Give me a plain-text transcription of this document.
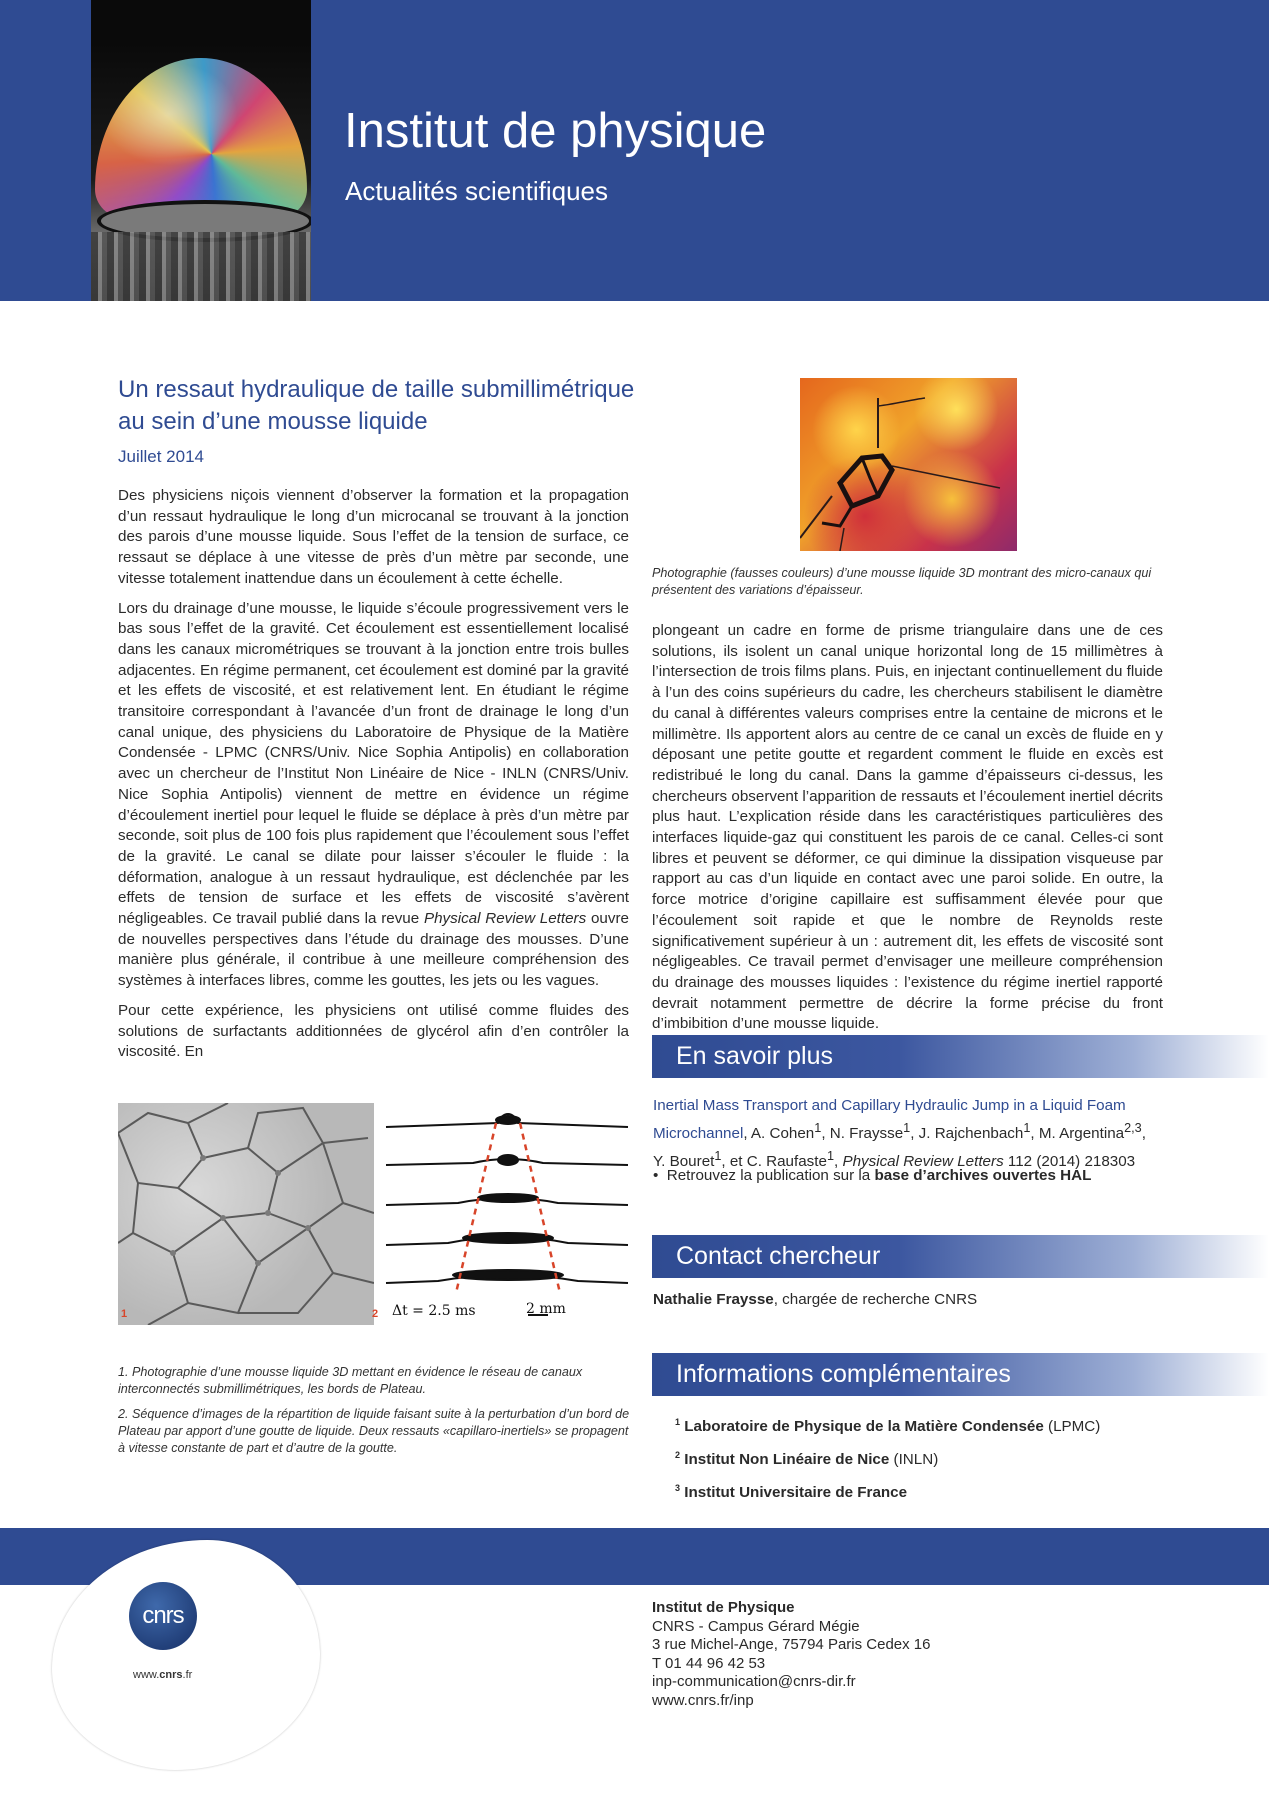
Institut de physique
Actualités scientifiques
Un ressaut hydraulique de taille submillimétrique au sein d’une mousse liquide
Juillet 2014

Des physiciens niçois viennent d’observer la formation et la propagation d’un ressaut hydraulique le long d’un microcanal se trouvant à la jonction des parois d’une mousse liquide. Sous l’effet de la tension de surface, ce ressaut se déplace à une vitesse de près d’un mètre par seconde, une vitesse totalement inattendue dans un écoulement à cette échelle.

Lors du drainage d’une mousse, le liquide s’écoule progressivement vers le bas sous l’effet de la gravité. Cet écoulement est essentiellement localisé dans les canaux micrométriques se trouvant à la jonction entre trois bulles adjacentes. En régime permanent, cet écoulement est dominé par la gravité et les effets de viscosité, et est relativement lent. En étudiant le régime transitoire correspondant à l’avancée d’un front de drainage le long d’un canal unique, des physiciens du Laboratoire de Physique de la Matière Condensée - LPMC (CNRS/Univ. Nice Sophia Antipolis) en collaboration avec un chercheur de l’Institut Non Linéaire de Nice - INLN (CNRS/Univ. Nice Sophia Antipolis) viennent de mettre en évidence un régime d’écoulement inertiel pour lequel le fluide se déplace à près d’un mètre par seconde, soit plus de 100 fois plus rapidement que l’écoulement sous l’effet de la gravité. Le canal se dilate pour laisser s’écouler le fluide : la déformation, analogue à un ressaut hydraulique, est déclenchée par les effets de tension de surface et les effets de viscosité s’avèrent négligeables. Ce travail publié dans la revue Physical Review Letters ouvre de nouvelles perspectives dans l’étude du drainage des mousses. D’une manière plus générale, il contribue à une meilleure compréhension des systèmes à interfaces libres, comme les gouttes, les jets ou les vagues.

Pour cette expérience, les physiciens ont utilisé comme fluides des solutions de surfactants additionnées de glycérol afin d’en contrôler la viscosité. En

Photographie (fausses couleurs) d’une mousse liquide 3D montrant des micro-canaux qui présentent des variations d’épaisseur.

plongeant un cadre en forme de prisme triangulaire dans une de ces solutions, ils isolent un canal unique horizontal long de 15 millimètres à l’intersection de trois films plans. Puis, en injectant continuellement du fluide à l’un des coins supérieurs du cadre, les chercheurs stabilisent le diamètre du canal à différentes valeurs comprises entre la centaine de microns et le millimètre. Ils apportent alors au centre de ce canal un excès de fluide en y déposant une petite goutte et regardent comment le fluide en excès est redistribué le long du canal. Dans la gamme d’épaisseurs ci-dessus, les chercheurs observent l’apparition de ressauts et l’écoulement inertiel décrits plus haut. L’explication réside dans les caractéristiques particulières des interfaces liquide-gaz qui constituent les parois de ce canal. Celles-ci sont libres et peuvent se déformer, ce qui diminue la dissipation visqueuse par rapport au cas d’un liquide en contact avec une paroi solide. En outre, la force motrice d’origine capillaire est suffisamment élevée pour que l’écoulement soit rapide et que le nombre de Reynolds reste significativement supérieur à un : autrement dit, les effets de viscosité sont négligeables. Ce travail permet d’envisager une meilleure compréhension du drainage des mousses liquides : l’existence du régime inertiel rapporté devrait notamment permettre de décrire la forme précise du front d’imbibition d’une mousse liquide.

1	Δt = 2.5 ms	2 mm
2

1. Photographie d’une mousse liquide 3D mettant en évidence le réseau de canaux interconnectés submillimétriques, les bords de Plateau.

2. Séquence d’images de la répartition de liquide faisant suite à la perturbation d’un bord de Plateau par apport d’une goutte de liquide. Deux ressauts «capillaro-inertiels» se propagent à vitesse constante de part et d’autre de la goutte.

En savoir plus
Inertial Mass Transport and Capillary Hydraulic Jump in a Liquid Foam Microchannel, A. Cohen$^1$, N. Fraysse$^1$, J. Rajchenbach$^1$, M. Argentina$^{2,3}$, Y. Bouret$^1$, et C. Raufaste$^1$, Physical Review Letters 112 (2014) 218303
•  Retrouvez la publication sur la base d’archives ouvertes HAL
Contact chercheur
Nathalie Fraysse, chargée de recherche CNRS
Informations complémentaires
$^1$ Laboratoire de Physique de la Matière Condensée (LPMC)
$^2$ Institut Non Linéaire de Nice (INLN)
$^3$ Institut Universitaire de France
cnrs
www.cnrs.fr
Institut de Physique
CNRS - Campus Gérard Mégie
3 rue Michel-Ange, 75794 Paris Cedex 16
T 01 44 96 42 53
inp-communication@cnrs-dir.fr
www.cnrs.fr/inp
